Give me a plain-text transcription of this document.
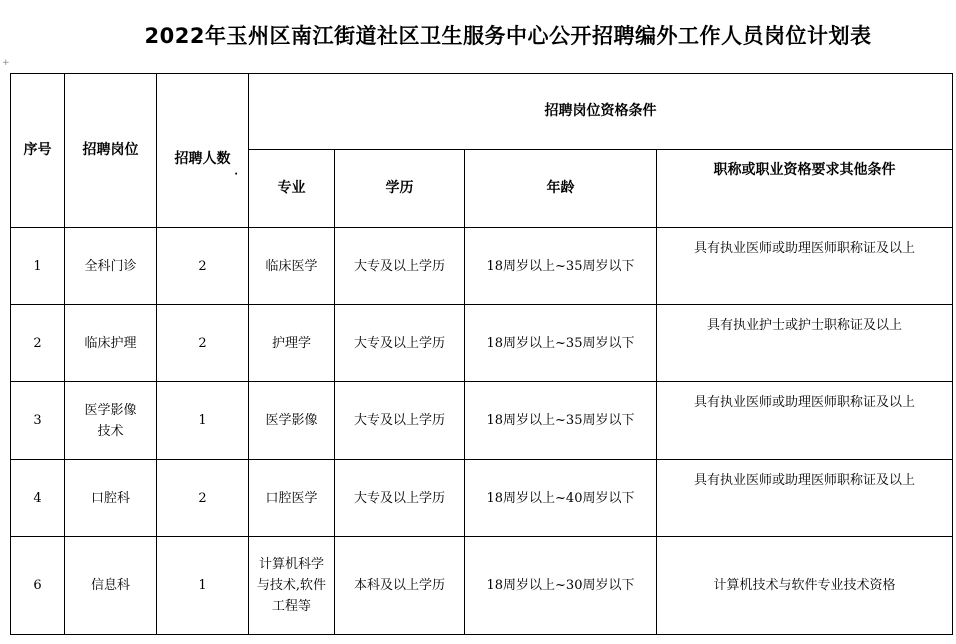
2022年玉州区南江街道社区卫生服务中心公开招聘编外工作人员岗位计划表
+
序号	招聘岗位	招聘人数
·	招聘岗位资格条件			
			专业	学历	年龄	职称或职业资格要求其他条件
1	全科门诊	2	临床医学	大专及以上学历	18周岁以上~35周岁以下	具有执业医师或助理医师职称证及以上
2	临床护理	2	护理学	大专及以上学历	18周岁以上~35周岁以下	具有执业护士或护士职称证及以上
3	医学影像技术	1	医学影像	大专及以上学历	18周岁以上~35周岁以下	具有执业医师或助理医师职称证及以上
4	口腔科	2	口腔医学	大专及以上学历	18周岁以上~40周岁以下	具有执业医师或助理医师职称证及以上
6	信息科	1	计算机科学与技术,软件工程等	本科及以上学历	18周岁以上~30周岁以下	计算机技术与软件专业技术资格
